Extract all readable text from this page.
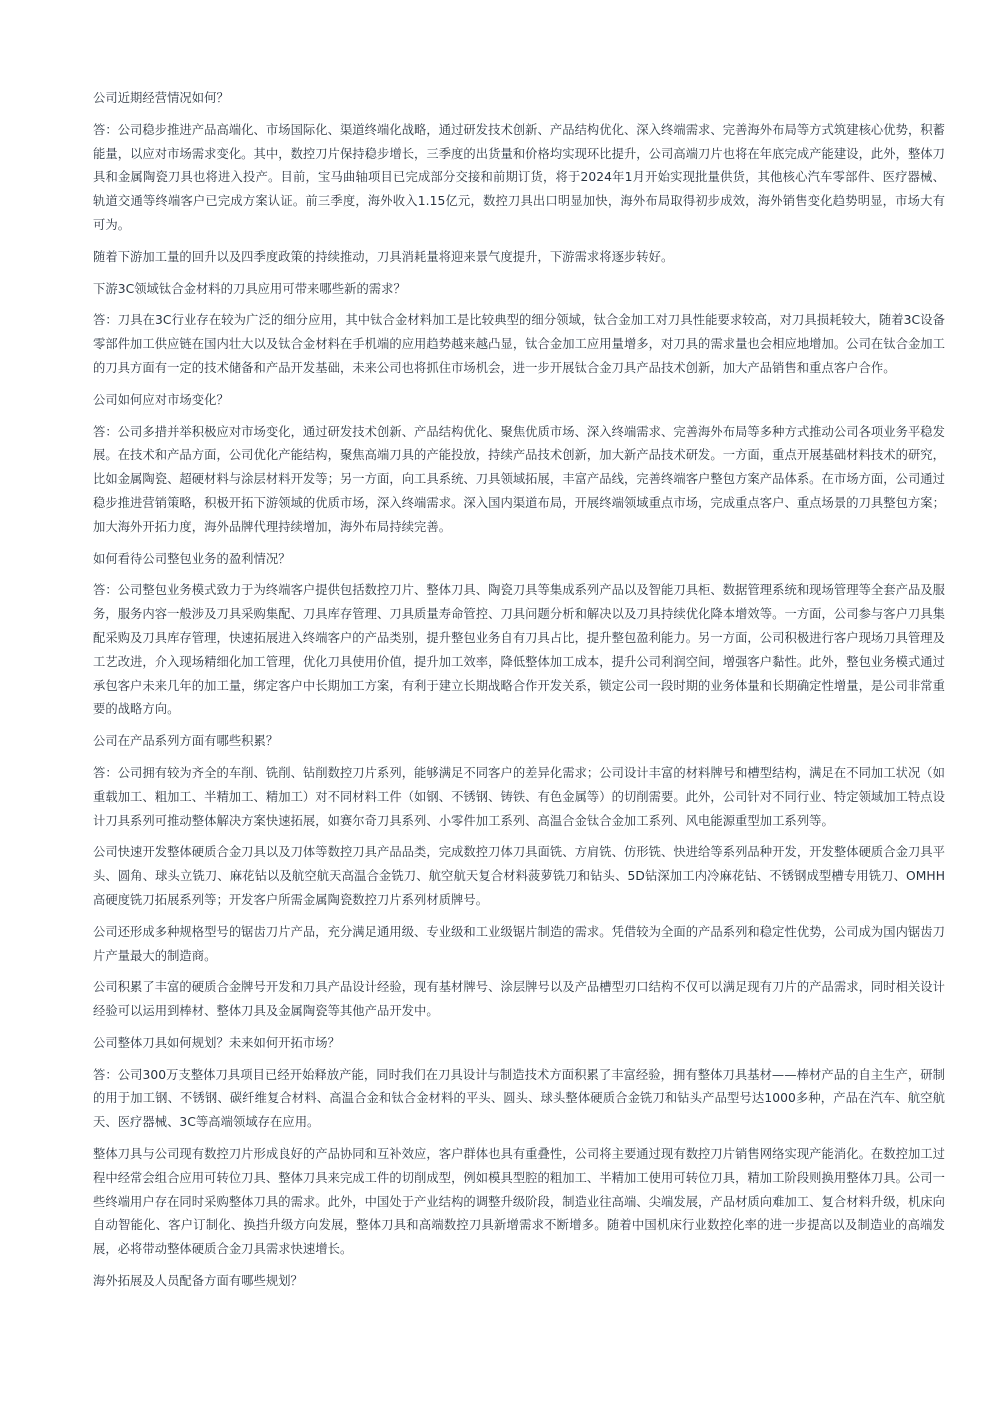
公司近期经营情况如何？

答：公司稳步推进产品高端化、市场国际化、渠道终端化战略，通过研发技术创新、产品结构优化、深入终端需求、完善海外布局等方式筑建核心优势，积蓄能量，以应对市场需求变化。其中，数控刀片保持稳步增长，三季度的出货量和价格均实现环比提升，公司高端刀片也将在年底完成产能建设，此外，整体刀具和金属陶瓷刀具也将进入投产。目前，宝马曲轴项目已完成部分交接和前期订货，将于2024年1月开始实现批量供货，其他核心汽车零部件、医疗器械、轨道交通等终端客户已完成方案认证。前三季度，海外收入1.15亿元，数控刀具出口明显加快，海外布局取得初步成效，海外销售变化趋势明显，市场大有可为。

随着下游加工量的回升以及四季度政策的持续推动，刀具消耗量将迎来景气度提升，下游需求将逐步转好。

下游3C领域钛合金材料的刀具应用可带来哪些新的需求？

答：刀具在3C行业存在较为广泛的细分应用，其中钛合金材料加工是比较典型的细分领域，钛合金加工对刀具性能要求较高，对刀具损耗较大，随着3C设备零部件加工供应链在国内壮大以及钛合金材料在手机端的应用趋势越来越凸显，钛合金加工应用量增多，对刀具的需求量也会相应地增加。公司在钛合金加工的刀具方面有一定的技术储备和产品开发基础，未来公司也将抓住市场机会，进一步开展钛合金刀具产品技术创新，加大产品销售和重点客户合作。

公司如何应对市场变化？

答：公司多措并举积极应对市场变化，通过研发技术创新、产品结构优化、聚焦优质市场、深入终端需求、完善海外布局等多种方式推动公司各项业务平稳发展。在技术和产品方面，公司优化产能结构，聚焦高端刀具的产能投放，持续产品技术创新，加大新产品技术研发。一方面，重点开展基础材料技术的研究，比如金属陶瓷、超硬材料与涂层材料开发等；另一方面，向工具系统、刀具领域拓展，丰富产品线，完善终端客户整包方案产品体系。在市场方面，公司通过稳步推进营销策略，积极开拓下游领域的优质市场，深入终端需求。深入国内渠道布局，开展终端领域重点市场，完成重点客户、重点场景的刀具整包方案；加大海外开拓力度，海外品牌代理持续增加，海外布局持续完善。

如何看待公司整包业务的盈利情况？

答：公司整包业务模式致力于为终端客户提供包括数控刀片、整体刀具、陶瓷刀具等集成系列产品以及智能刀具柜、数据管理系统和现场管理等全套产品及服务，服务内容一般涉及刀具采购集配、刀具库存管理、刀具质量寿命管控、刀具问题分析和解决以及刀具持续优化降本增效等。一方面，公司参与客户刀具集配采购及刀具库存管理，快速拓展进入终端客户的产品类别，提升整包业务自有刀具占比，提升整包盈利能力。另一方面，公司积极进行客户现场刀具管理及工艺改进，介入现场精细化加工管理，优化刀具使用价值，提升加工效率，降低整体加工成本，提升公司利润空间，增强客户黏性。此外，整包业务模式通过承包客户未来几年的加工量，绑定客户中长期加工方案，有利于建立长期战略合作开发关系，锁定公司一段时期的业务体量和长期确定性增量，是公司非常重要的战略方向。

公司在产品系列方面有哪些积累？

答：公司拥有较为齐全的车削、铣削、钻削数控刀片系列，能够满足不同客户的差异化需求；公司设计丰富的材料牌号和槽型结构，满足在不同加工状况（如重载加工、粗加工、半精加工、精加工）对不同材料工件（如钢、不锈钢、铸铁、有色金属等）的切削需要。此外，公司针对不同行业、特定领域加工特点设计刀具系列可推动整体解决方案快速拓展，如赛尔奇刀具系列、小零件加工系列、高温合金钛合金加工系列、风电能源重型加工系列等。

公司快速开发整体硬质合金刀具以及刀体等数控刀具产品品类，完成数控刀体刀具面铣、方肩铣、仿形铣、快进给等系列品种开发，开发整体硬质合金刀具平头、圆角、球头立铣刀、麻花钻以及航空航天高温合金铣刀、航空航天复合材料菠萝铣刀和钻头、5D钻深加工内冷麻花钻、不锈钢成型槽专用铣刀、OMHH高硬度铣刀拓展系列等；开发客户所需金属陶瓷数控刀片系列材质牌号。

公司还形成多种规格型号的锯齿刀片产品，充分满足通用级、专业级和工业级锯片制造的需求。凭借较为全面的产品系列和稳定性优势，公司成为国内锯齿刀片产量最大的制造商。

公司积累了丰富的硬质合金牌号开发和刀具产品设计经验，现有基材牌号、涂层牌号以及产品槽型刃口结构不仅可以满足现有刀片的产品需求，同时相关设计经验可以运用到棒材、整体刀具及金属陶瓷等其他产品开发中。

公司整体刀具如何规划？未来如何开拓市场？

答：公司300万支整体刀具项目已经开始释放产能，同时我们在刀具设计与制造技术方面积累了丰富经验，拥有整体刀具基材——棒材产品的自主生产，研制的用于加工钢、不锈钢、碳纤维复合材料、高温合金和钛合金材料的平头、圆头、球头整体硬质合金铣刀和钻头产品型号达1000多种，产品在汽车、航空航天、医疗器械、3C等高端领域存在应用。

整体刀具与公司现有数控刀片形成良好的产品协同和互补效应，客户群体也具有重叠性，公司将主要通过现有数控刀片销售网络实现产能消化。在数控加工过程中经常会组合应用可转位刀具、整体刀具来完成工件的切削成型，例如模具型腔的粗加工、半精加工使用可转位刀具，精加工阶段则换用整体刀具。公司一些终端用户存在同时采购整体刀具的需求。此外，中国处于产业结构的调整升级阶段，制造业往高端、尖端发展，产品材质向难加工、复合材料升级，机床向自动智能化、客户订制化、换挡升级方向发展，整体刀具和高端数控刀具新增需求不断增多。随着中国机床行业数控化率的进一步提高以及制造业的高端发展，必将带动整体硬质合金刀具需求快速增长。

海外拓展及人员配备方面有哪些规划？
